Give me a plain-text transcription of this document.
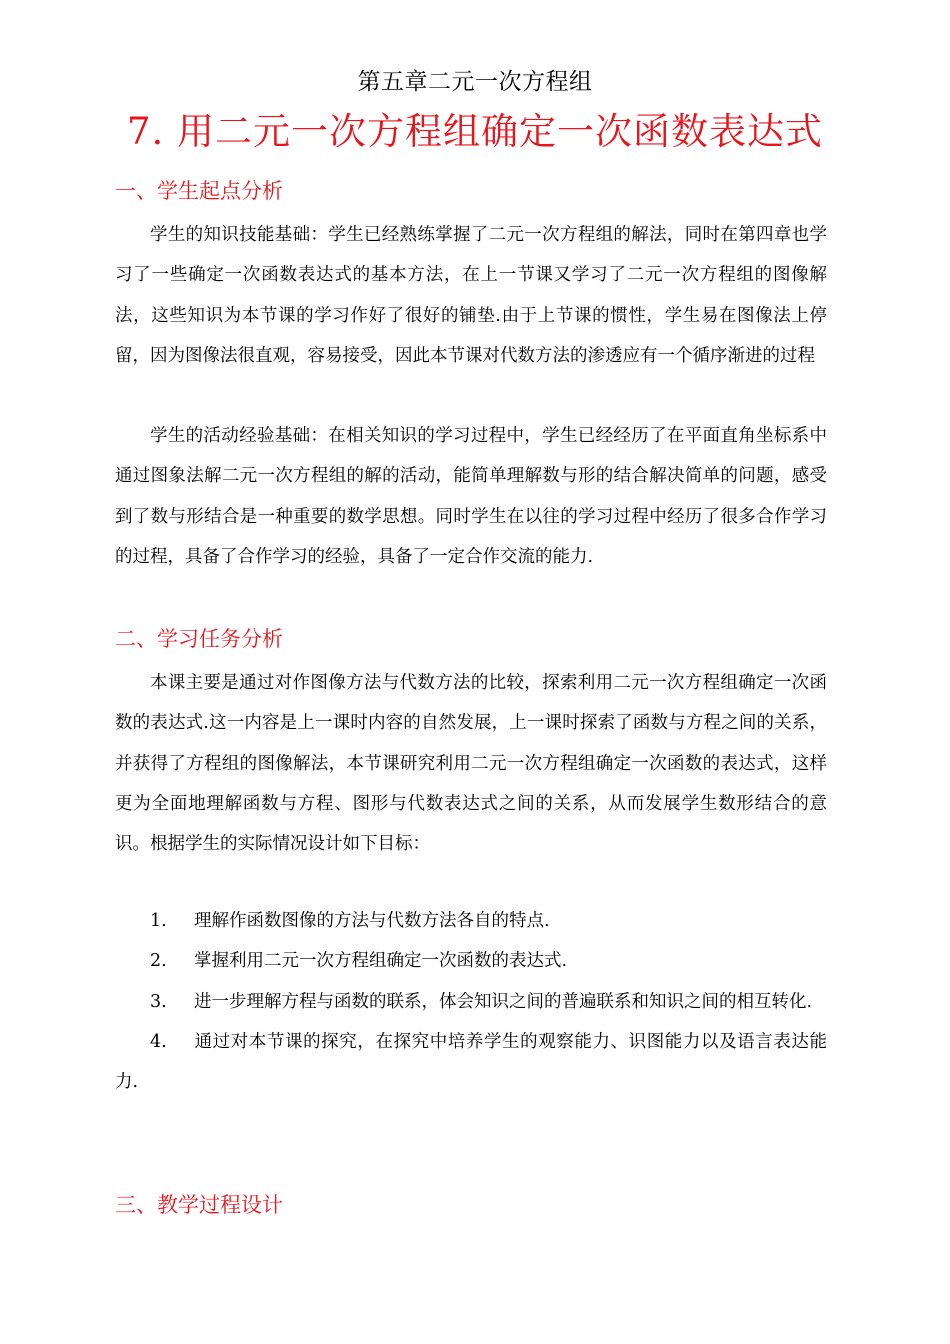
第五章二元一次方程组
7. 用二元一次方程组确定一次函数表达式
一、学生起点分析

学生的知识技能基础：学生已经熟练掌握了二元一次方程组的解法，同时在第四章也学习了一些确定一次函数表达式的基本方法，在上一节课又学习了二元一次方程组的图像解法，这些知识为本节课的学习作好了很好的铺垫.由于上节课的惯性，学生易在图像法上停留，因为图像法很直观，容易接受，因此本节课对代数方法的渗透应有一个循序渐进的过程

学生的活动经验基础：在相关知识的学习过程中，学生已经经历了在平面直角坐标系中通过图象法解二元一次方程组的解的活动，能简单理解数与形的结合解决简单的问题，感受到了数与形结合是一种重要的数学思想。同时学生在以往的学习过程中经历了很多合作学习的过程，具备了合作学习的经验，具备了一定合作交流的能力.

二、学习任务分析

本课主要是通过对作图像方法与代数方法的比较，探索利用二元一次方程组确定一次函数的表达式.这一内容是上一课时内容的自然发展，上一课时探索了函数与方程之间的关系，并获得了方程组的图像解法，本节课研究利用二元一次方程组确定一次函数的表达式，这样更为全面地理解函数与方程、图形与代数表达式之间的关系，从而发展学生数形结合的意识。根据学生的实际情况设计如下目标：

1. 理解作函数图像的方法与代数方法各自的特点.
2. 掌握利用二元一次方程组确定一次函数的表达式.
3. 进一步理解方程与函数的联系，体会知识之间的普遍联系和知识之间的相互转化.
4. 通过对本节课的探究，在探究中培养学生的观察能力、识图能力以及语言表达能力.
三、教学过程设计
